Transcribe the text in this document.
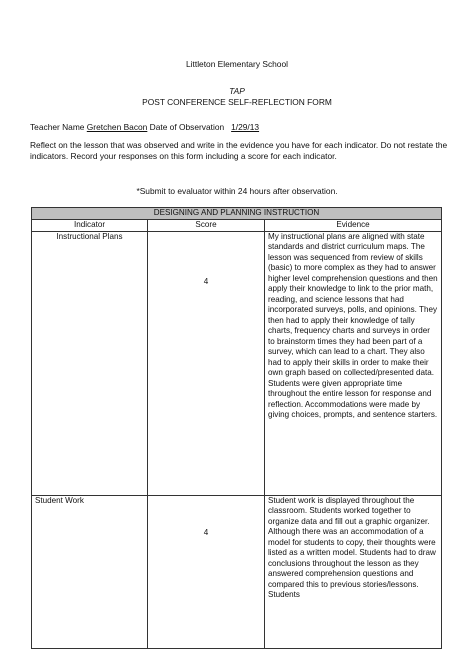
Littleton Elementary School
TAP
POST CONFERENCE SELF-REFLECTION FORM
Teacher Name Gretchen Bacon Date of Observation 1/29/13
Reflect on the lesson that was observed and write in the evidence you have for each indicator. Do not restate the indicators. Record your responses on this form including a score for each indicator.
*Submit to evaluator within 24 hours after observation.
DESIGNING AND PLANNING INSTRUCTION		
Indicator	Score	Evidence
Instructional Plans	4	My instructional plans are aligned with state standards and district curriculum maps. The lesson was sequenced from review of skills (basic) to more complex as they had to answer higher level comprehension questions and then apply their knowledge to link to the prior math, reading, and science lessons that had incorporated surveys, polls, and opinions. They then had to apply their knowledge of tally charts, frequency charts and surveys in order to brainstorm times they had been part of a survey, which can lead to a chart. They also had to apply their skills in order to make their own graph based on collected/presented data. Students were given appropriate time throughout the entire lesson for response and reflection. Accommodations were made by giving choices, prompts, and sentence starters.
Student Work	4	Student work is displayed throughout the classroom. Students worked together to organize data and fill out a graphic organizer. Although there was an accommodation of a model for students to copy, their thoughts were listed as a written model. Students had to draw conclusions throughout the lesson as they answered comprehension questions and compared this to previous stories/lessons. Students
